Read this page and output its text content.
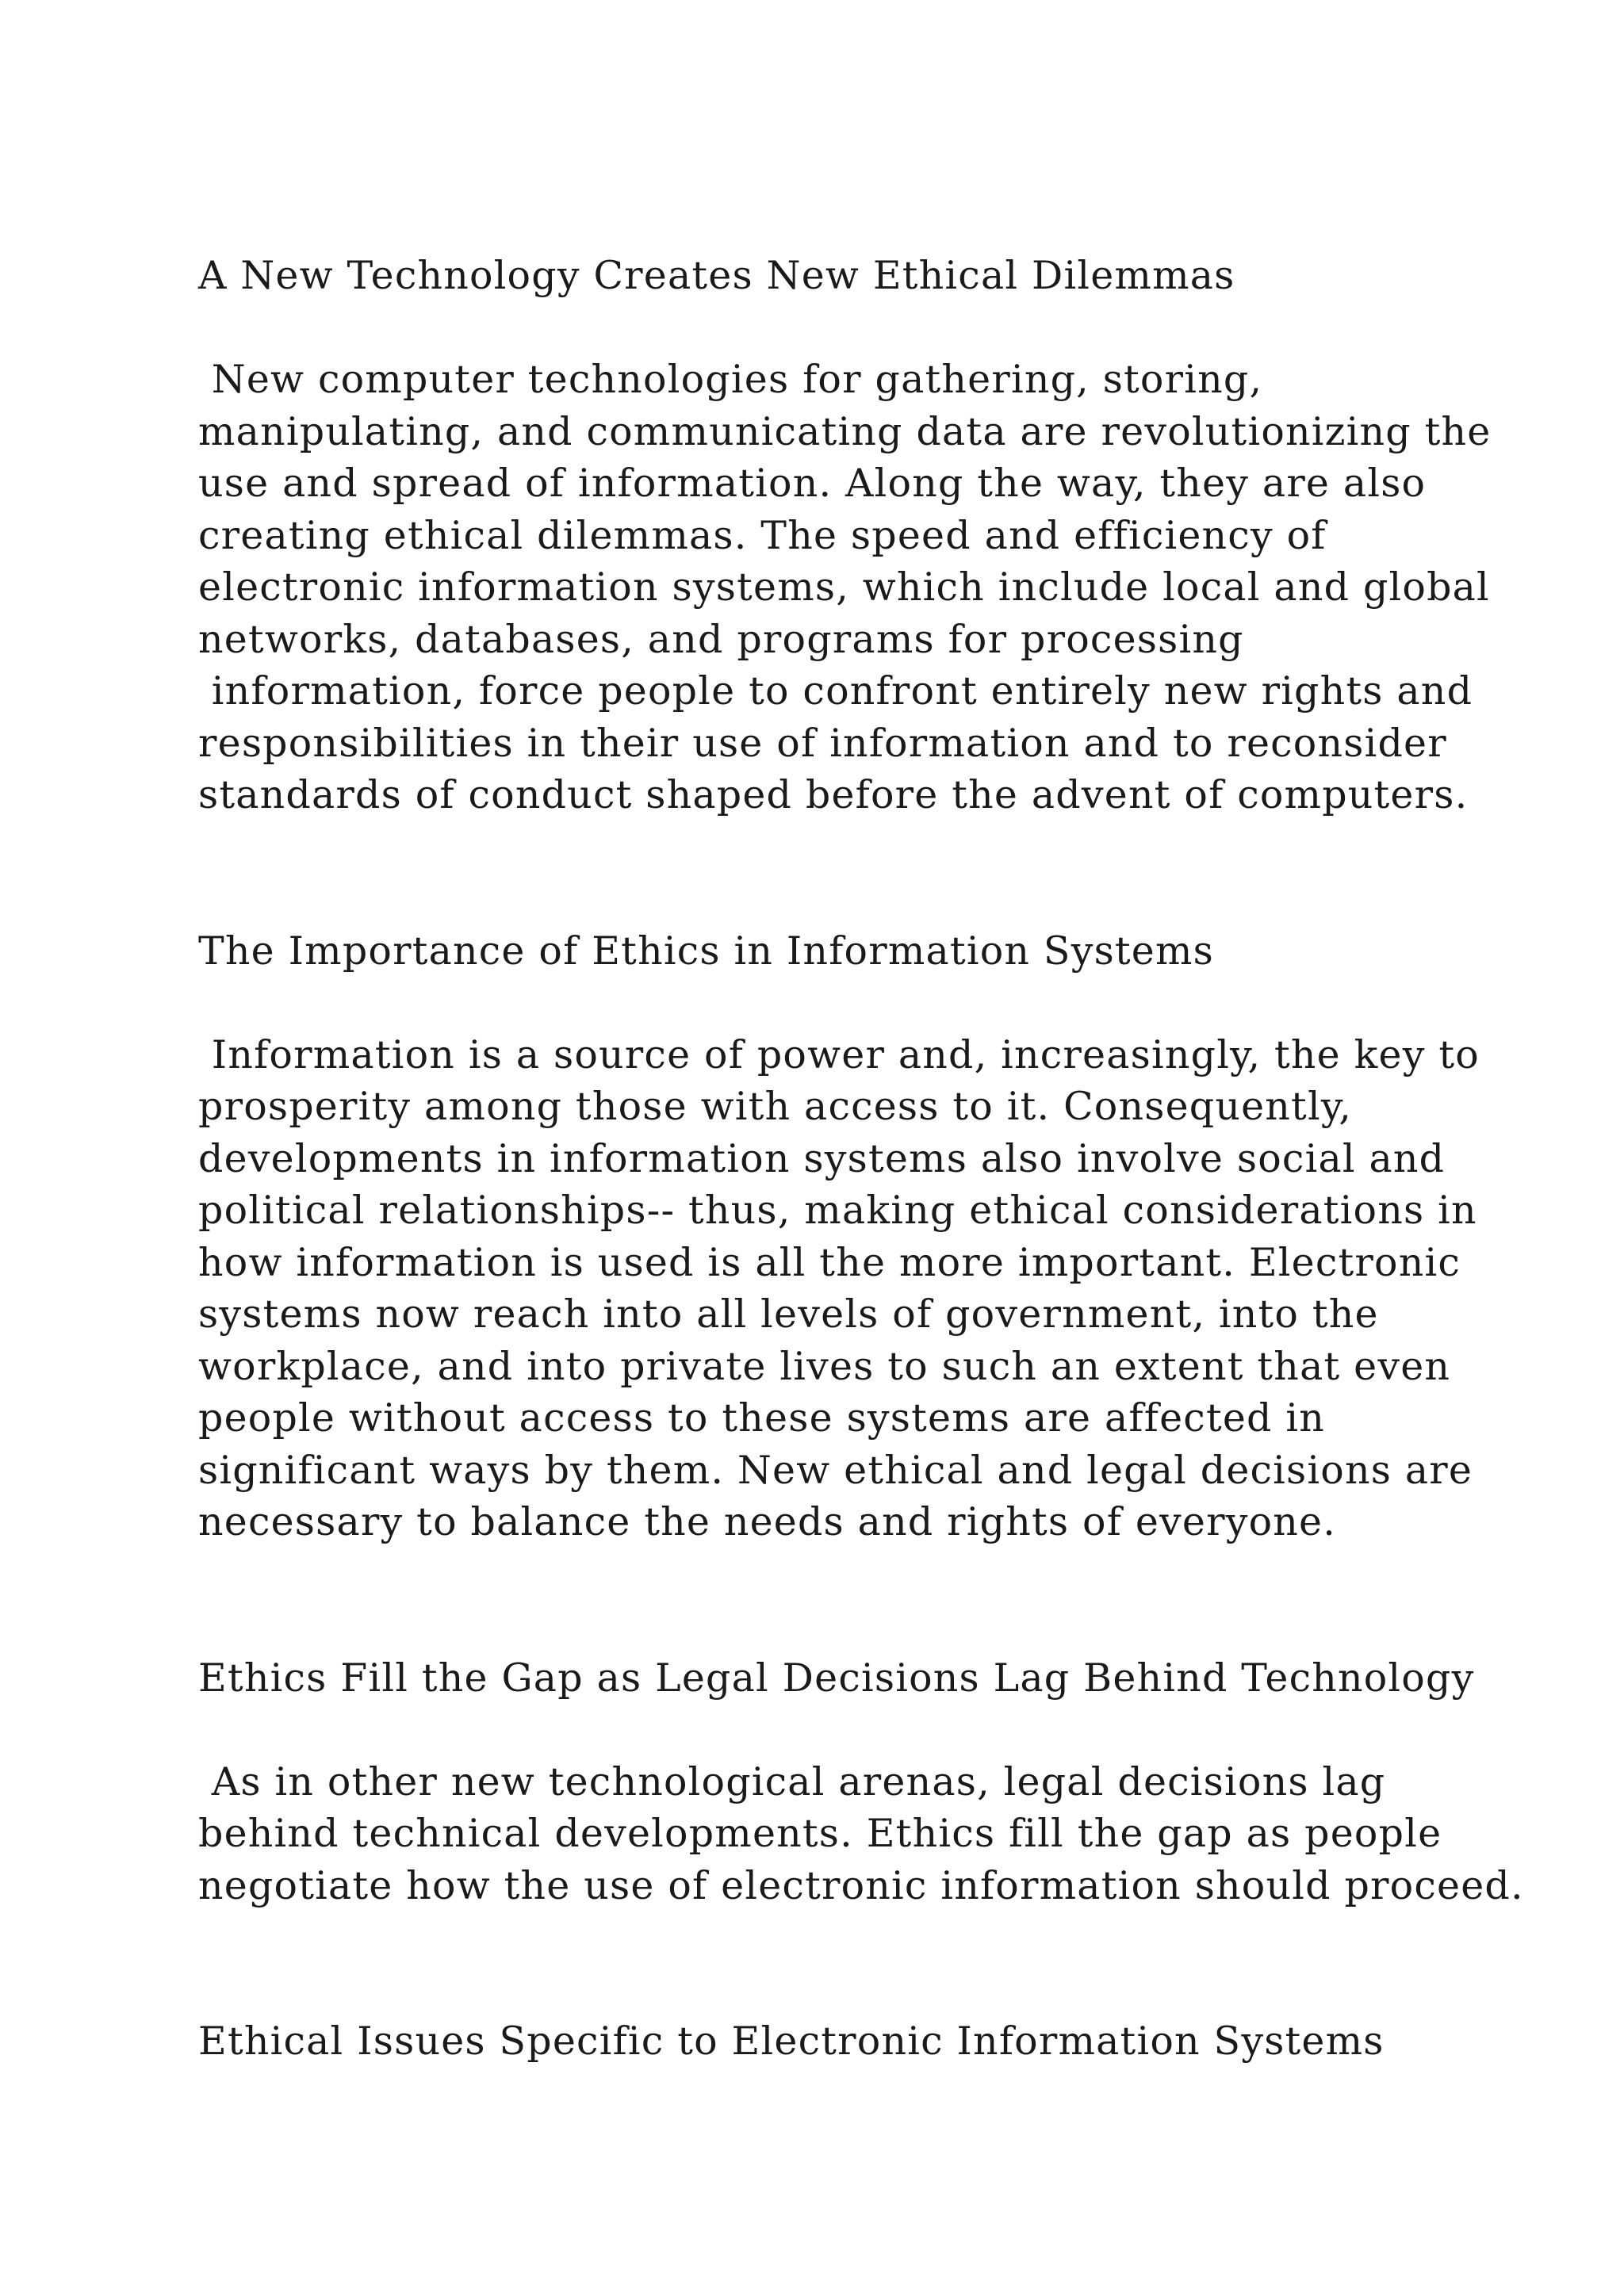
A New Technology Creates New Ethical Dilemmas
New computer technologies for gathering, storing,
manipulating, and communicating data are revolutionizing the
use and spread of information. Along the way, they are also
creating ethical dilemmas. The speed and efficiency of
electronic information systems, which include local and global
networks, databases, and programs for processing
information, force people to confront entirely new rights and
responsibilities in their use of information and to reconsider
standards of conduct shaped before the advent of computers.
The Importance of Ethics in Information Systems
Information is a source of power and, increasingly, the key to
prosperity among those with access to it. Consequently,
developments in information systems also involve social and
political relationships-- thus, making ethical considerations in
how information is used is all the more important. Electronic
systems now reach into all levels of government, into the
workplace, and into private lives to such an extent that even
people without access to these systems are affected in
significant ways by them. New ethical and legal decisions are
necessary to balance the needs and rights of everyone.
Ethics Fill the Gap as Legal Decisions Lag Behind Technology
As in other new technological arenas, legal decisions lag
behind technical developments. Ethics fill the gap as people
negotiate how the use of electronic information should proceed.
Ethical Issues Specific to Electronic Information Systems
